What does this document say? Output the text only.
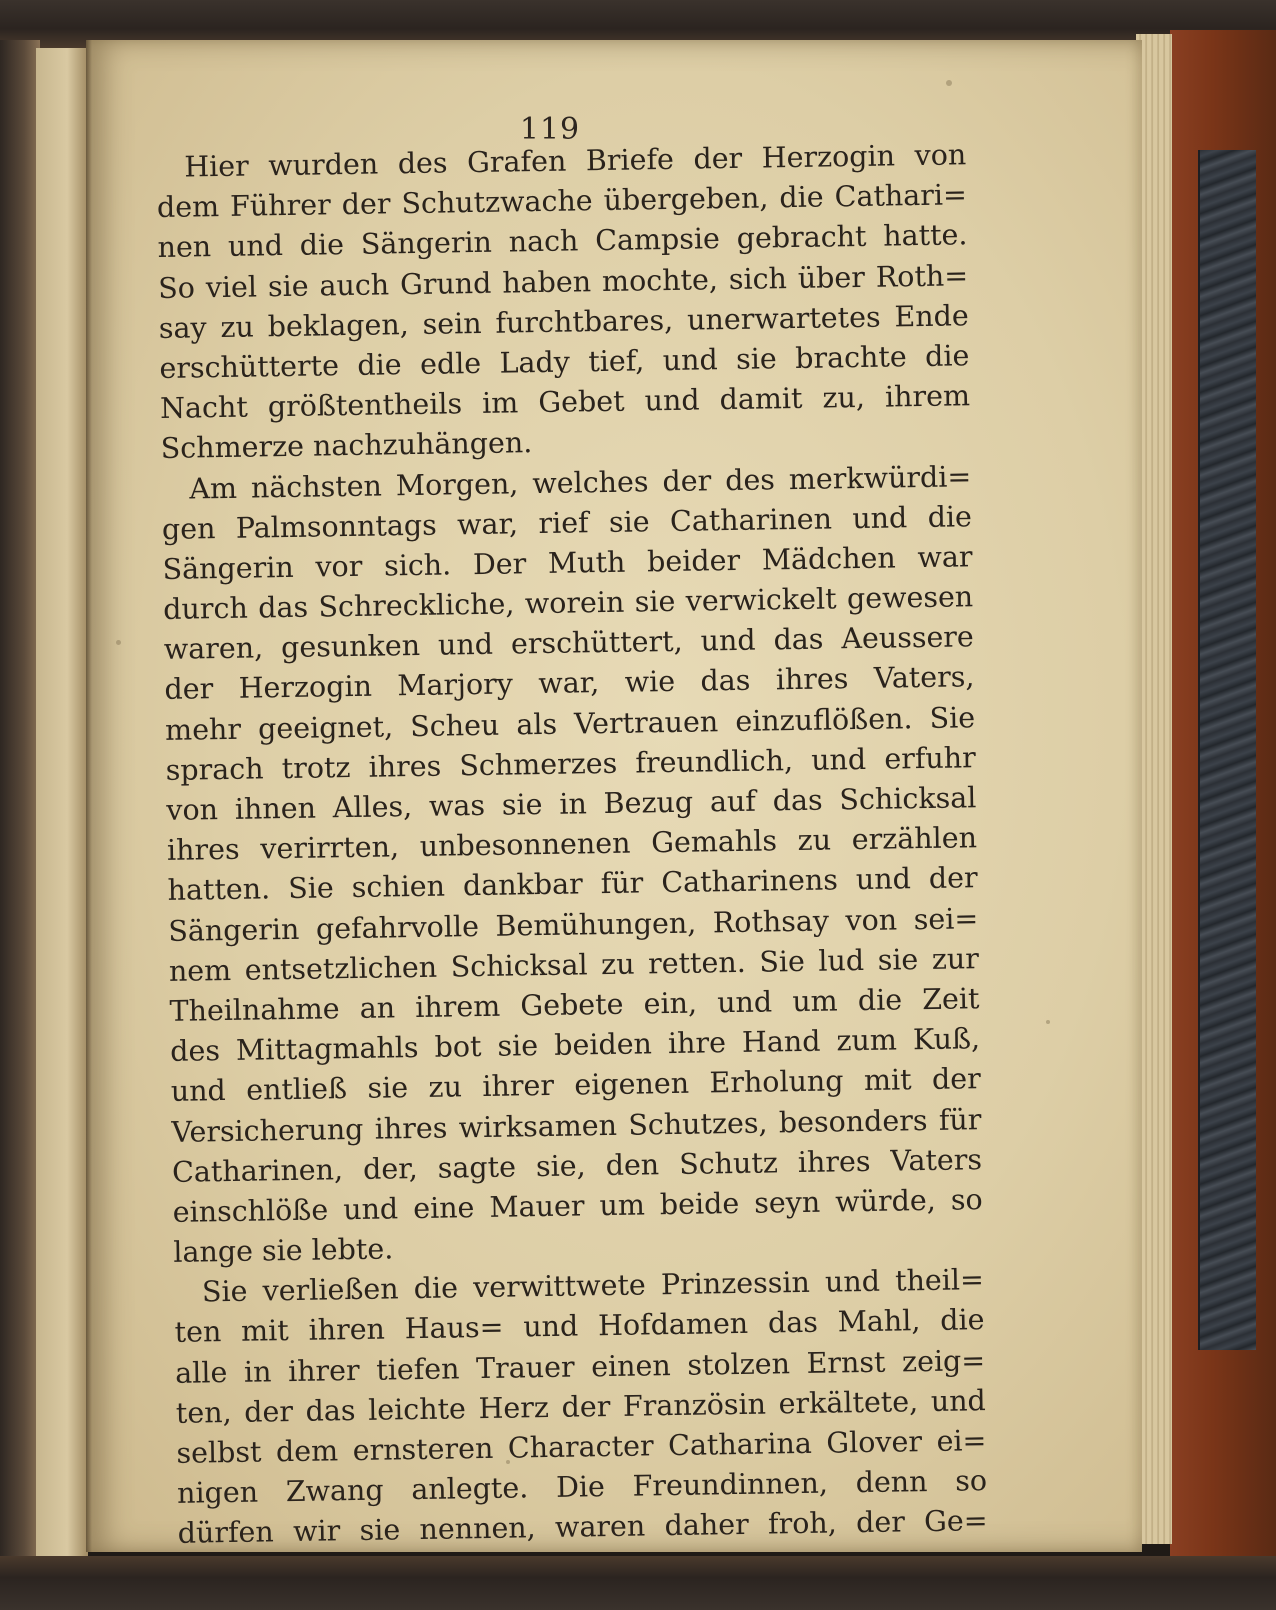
119
Hier wurden des Grafen Briefe der Herzogin von
dem Führer der Schutzwache übergeben, die Cathari=
nen und die Sängerin nach Campsie gebracht hatte.
So viel sie auch Grund haben mochte, sich über Roth=
say zu beklagen, sein furchtbares, unerwartetes Ende
erschütterte die edle Lady tief, und sie brachte die
Nacht größtentheils im Gebet und damit zu, ihrem
Schmerze nachzuhängen.
Am nächsten Morgen, welches der des merkwürdi=
gen Palmsonntags war, rief sie Catharinen und die
Sängerin vor sich. Der Muth beider Mädchen war
durch das Schreckliche, worein sie verwickelt gewesen
waren, gesunken und erschüttert, und das Aeussere
der Herzogin Marjory war, wie das ihres Vaters,
mehr geeignet, Scheu als Vertrauen einzuflößen. Sie
sprach trotz ihres Schmerzes freundlich, und erfuhr
von ihnen Alles, was sie in Bezug auf das Schicksal
ihres verirrten, unbesonnenen Gemahls zu erzählen
hatten. Sie schien dankbar für Catharinens und der
Sängerin gefahrvolle Bemühungen, Rothsay von sei=
nem entsetzlichen Schicksal zu retten. Sie lud sie zur
Theilnahme an ihrem Gebete ein, und um die Zeit
des Mittagmahls bot sie beiden ihre Hand zum Kuß,
und entließ sie zu ihrer eigenen Erholung mit der
Versicherung ihres wirksamen Schutzes, besonders für
Catharinen, der, sagte sie, den Schutz ihres Vaters
einschlöße und eine Mauer um beide seyn würde, so
lange sie lebte.
Sie verließen die verwittwete Prinzessin und theil=
ten mit ihren Haus= und Hofdamen das Mahl, die
alle in ihrer tiefen Trauer einen stolzen Ernst zeig=
ten, der das leichte Herz der Französin erkältete, und
selbst dem ernsteren Character Catharina Glover ei=
nigen Zwang anlegte. Die Freundinnen, denn so
dürfen wir sie nennen, waren daher froh, der Ge=
